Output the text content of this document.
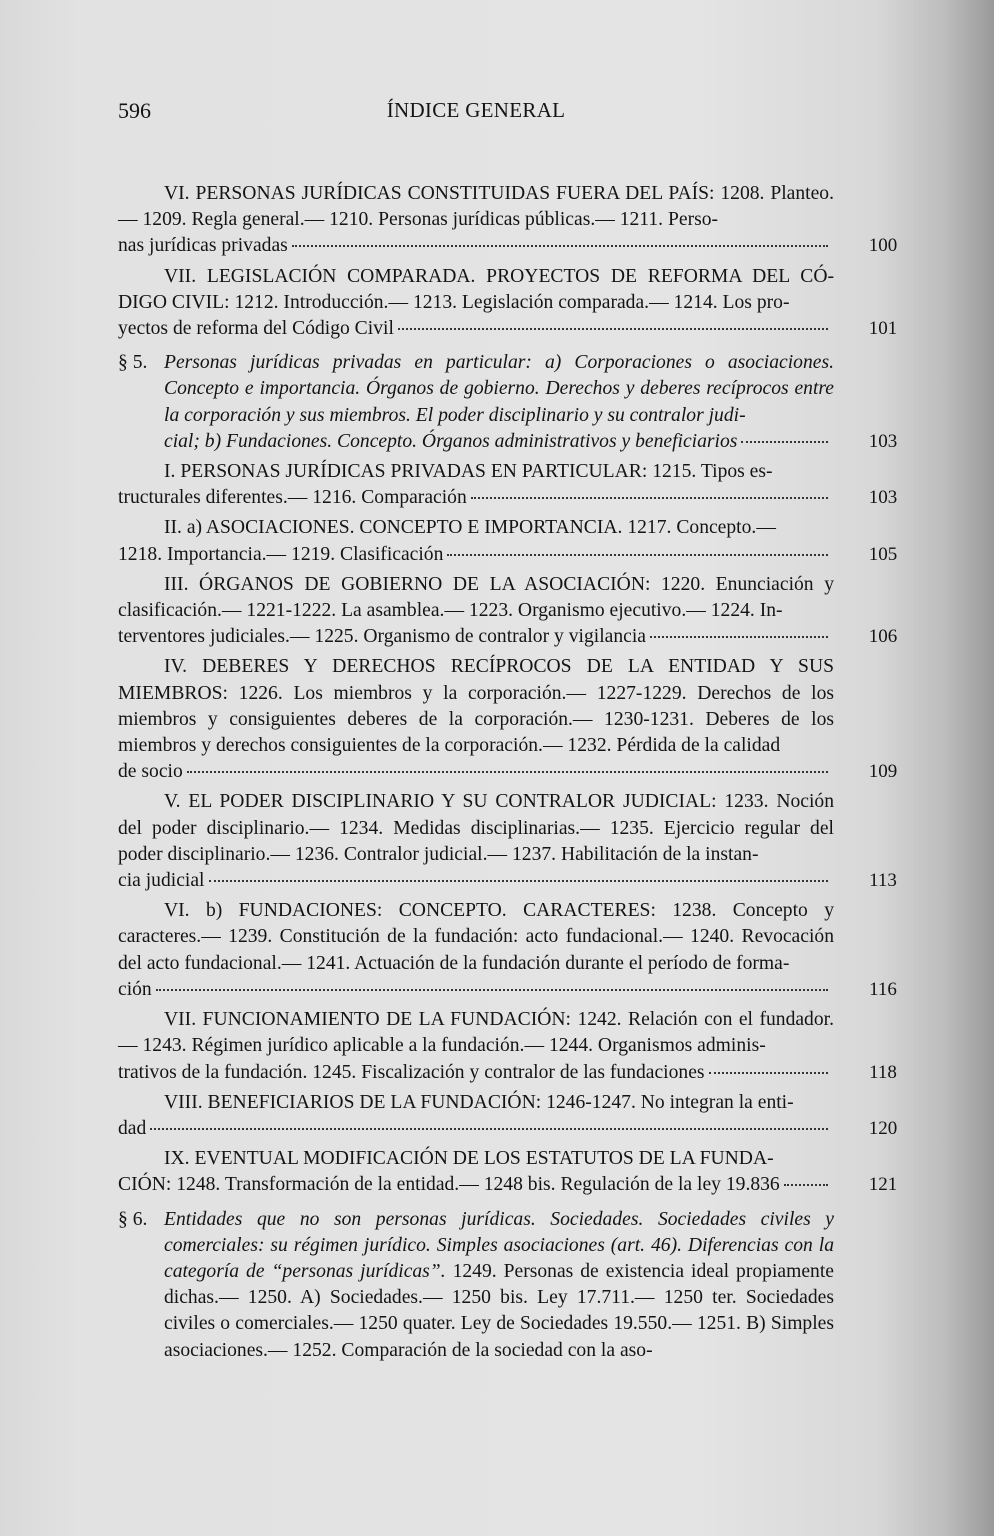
596	ÍNDICE GENERAL
VI. PERSONAS JURÍDICAS CONSTITUIDAS FUERA DEL PAÍS: 1208. Planteo.— 1209. Regla general.— 1210. Personas jurídicas públicas.— 1211. Perso-
nas jurídicas privadas	100
VII. LEGISLACIÓN COMPARADA. PROYECTOS DE REFORMA DEL CÓ- DIGO CIVIL: 1212. Introducción.— 1213. Legislación comparada.— 1214. Los pro-
yectos de reforma del Código Civil	101
§ 5. Personas jurídicas privadas en particular: a) Corporaciones o asociaciones. Concepto e importancia. Órganos de gobierno. Derechos y deberes recíprocos entre la corporación y sus miembros. El poder disciplinario y su contralor judi-
cial; b) Fundaciones. Concepto. Órganos administrativos y beneficiarios	103
I. PERSONAS JURÍDICAS PRIVADAS EN PARTICULAR: 1215. Tipos es-
tructurales diferentes.— 1216. Comparación	103
II. a) ASOCIACIONES. CONCEPTO E IMPORTANCIA. 1217. Concepto.—
1218. Importancia.— 1219. Clasificación	105
III. ÓRGANOS DE GOBIERNO DE LA ASOCIACIÓN: 1220. Enunciación y clasificación.— 1221-1222. La asamblea.— 1223. Organismo ejecutivo.— 1224. In-
terventores judiciales.— 1225. Organismo de contralor y vigilancia	106
IV. DEBERES Y DERECHOS RECÍPROCOS DE LA ENTIDAD Y SUS MIEMBROS: 1226. Los miembros y la corporación.— 1227-1229. Derechos de los miembros y consiguientes deberes de la corporación.— 1230-1231. Deberes de los miembros y derechos consiguientes de la corporación.— 1232. Pérdida de la calidad
de socio	109
V. EL PODER DISCIPLINARIO Y SU CONTRALOR JUDICIAL: 1233. Noción del poder disciplinario.— 1234. Medidas disciplinarias.— 1235. Ejercicio regular del poder disciplinario.— 1236. Contralor judicial.— 1237. Habilitación de la instan-
cia judicial	113
VI. b) FUNDACIONES: CONCEPTO. CARACTERES: 1238. Concepto y caracteres.— 1239. Constitución de la fundación: acto fundacional.— 1240. Revocación del acto fundacional.— 1241. Actuación de la fundación durante el período de forma-
ción	116
VII. FUNCIONAMIENTO DE LA FUNDACIÓN: 1242. Relación con el fundador.— 1243. Régimen jurídico aplicable a la fundación.— 1244. Organismos adminis-
trativos de la fundación. 1245. Fiscalización y contralor de las fundaciones	118
VIII. BENEFICIARIOS DE LA FUNDACIÓN: 1246-1247. No integran la enti-
dad	120
IX. EVENTUAL MODIFICACIÓN DE LOS ESTATUTOS DE LA FUNDA-
CIÓN: 1248. Transformación de la entidad.— 1248 bis. Regulación de la ley 19.836	121
§ 6. Entidades que no son personas jurídicas. Sociedades. Sociedades civiles y comerciales: su régimen jurídico. Simples asociaciones (art. 46). Diferencias con la categoría de “personas jurídicas”. 1249. Personas de existencia ideal propiamente dichas.— 1250. A) Sociedades.— 1250 bis. Ley 17.711.— 1250 ter. Sociedades civiles o comerciales.— 1250 quater. Ley de Sociedades 19.550.— 1251. B) Simples asociaciones.— 1252. Comparación de la sociedad con la aso-
